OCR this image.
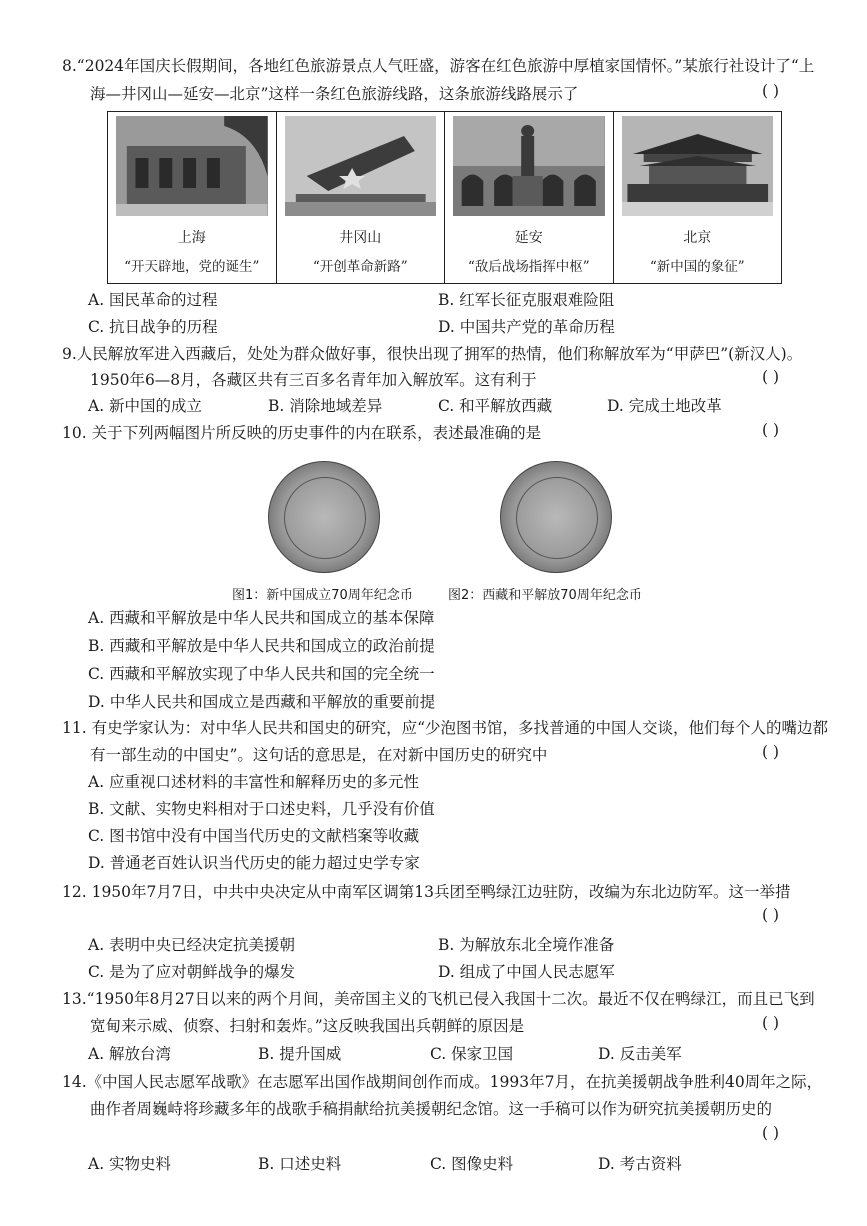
8.“2024年国庆长假期间，各地红色旅游景点人气旺盛，游客在红色旅游中厚植家国情怀。”某旅行社设计了“上
海—井冈山—延安—北京”这样一条红色旅游线路，这条旅游线路展示了	( )
上海
“开天辟地，党的诞生”

井冈山
“开创革命新路”

延安
“敌后战场指挥中枢”

北京
“新中国的象征”
A. 国民革命的过程	B. 红军长征克服艰难险阻
C. 抗日战争的历程	D. 中国共产党的革命历程
9.人民解放军进入西藏后，处处为群众做好事，很快出现了拥军的热情，他们称解放军为“甲萨巴”(新汉人)。
1950年6—8月，各藏区共有三百多名青年加入解放军。这有利于	( )
A. 新中国的成立	B. 消除地域差异	C. 和平解放西藏	D. 完成土地改革
10. 关于下列两幅图片所反映的历史事件的内在联系，表述最准确的是	( )
图1：新中国成立70周年纪念币	图2：西藏和平解放70周年纪念币
A. 西藏和平解放是中华人民共和国成立的基本保障
B. 西藏和平解放是中华人民共和国成立的政治前提
C. 西藏和平解放实现了中华人民共和国的完全统一
D. 中华人民共和国成立是西藏和平解放的重要前提
11. 有史学家认为：对中华人民共和国史的研究，应“少泡图书馆，多找普通的中国人交谈，他们每个人的嘴边都
有一部生动的中国史”。这句话的意思是，在对新中国历史的研究中	( )
A. 应重视口述材料的丰富性和解释历史的多元性
B. 文献、实物史料相对于口述史料，几乎没有价值
C. 图书馆中没有中国当代历史的文献档案等收藏
D. 普通老百姓认识当代历史的能力超过史学专家
12. 1950年7月7日，中共中央决定从中南军区调第13兵团至鸭绿江边驻防，改编为东北边防军。这一举措
( )
A. 表明中央已经决定抗美援朝	B. 为解放东北全境作准备
C. 是为了应对朝鲜战争的爆发	D. 组成了中国人民志愿军
13.“1950年8月27日以来的两个月间，美帝国主义的飞机已侵入我国十二次。最近不仅在鸭绿江，而且已飞到
宽甸来示威、侦察、扫射和轰炸。”这反映我国出兵朝鲜的原因是	( )
A. 解放台湾	B. 提升国威	C. 保家卫国	D. 反击美军
14.《中国人民志愿军战歌》在志愿军出国作战期间创作而成。1993年7月，在抗美援朝战争胜利40周年之际，
曲作者周巍峙将珍藏多年的战歌手稿捐献给抗美援朝纪念馆。这一手稿可以作为研究抗美援朝历史的
( )
A. 实物史料	B. 口述史料	C. 图像史料	D. 考古资料
